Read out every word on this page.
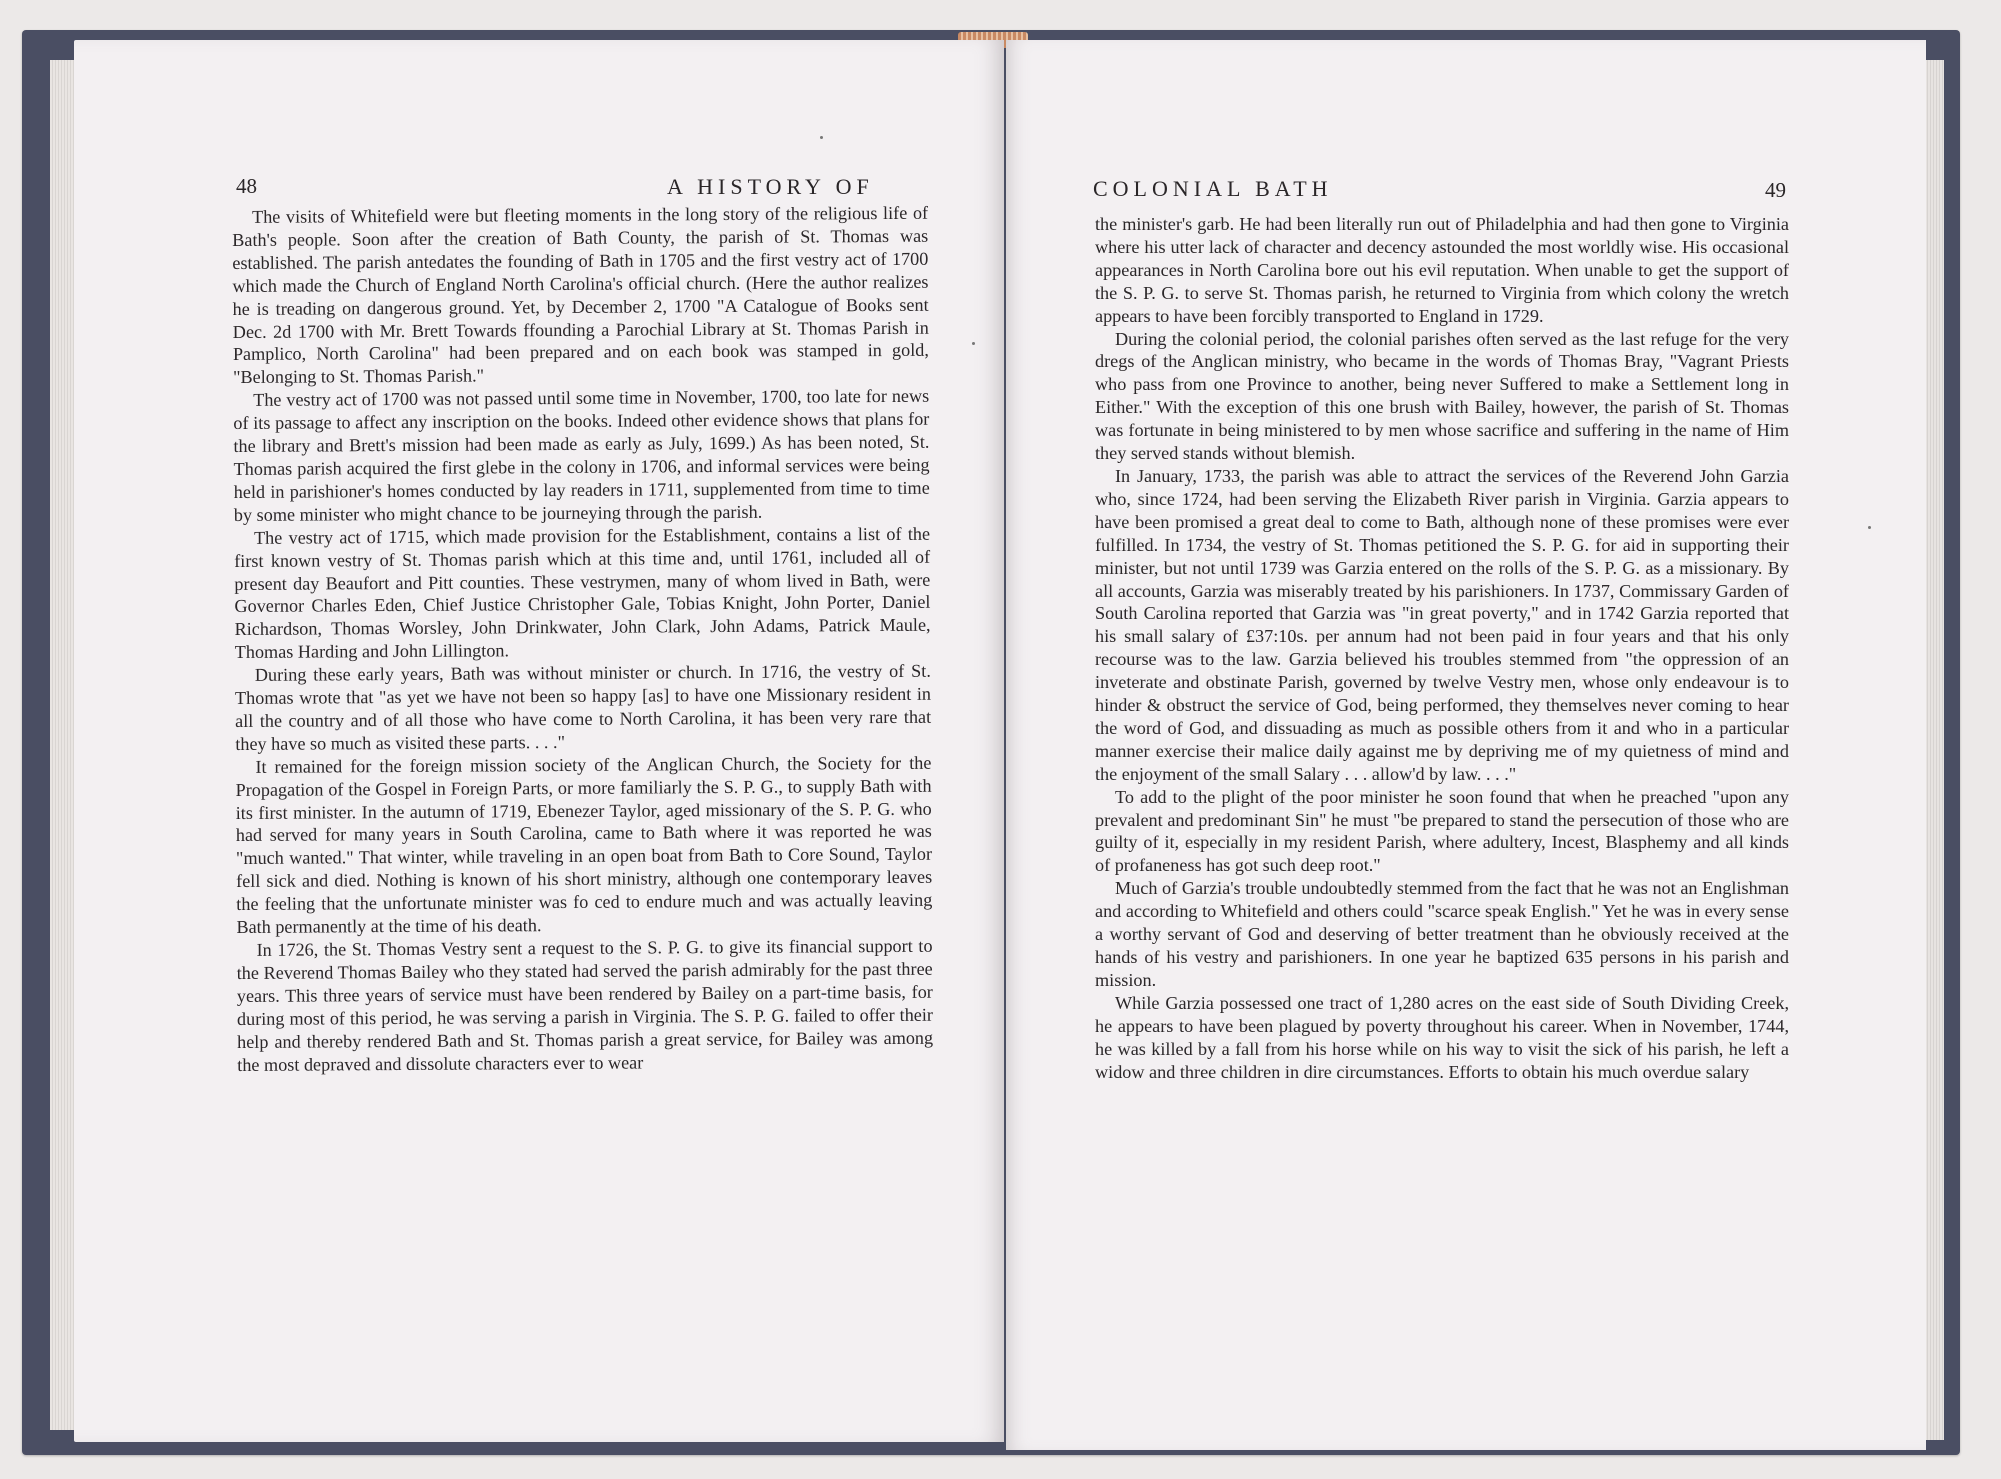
48	A HISTORY OF	COLONIAL BATH	49

The visits of Whitefield were but fleeting moments in the long story of the religious life of Bath's people. Soon after the creation of Bath County, the parish of St. Thomas was established. The parish antedates the founding of Bath in 1705 and the first vestry act of 1700 which made the Church of England North Carolina's official church. (Here the author realizes he is treading on dangerous ground. Yet, by December 2, 1700 "A Catalogue of Books sent Dec. 2d 1700 with Mr. Brett Towards ffounding a Parochial Library at St. Thomas Parish in Pamplico, North Carolina" had been prepared and on each book was stamped in gold, "Belonging to St. Thomas Parish."

The vestry act of 1700 was not passed until some time in November, 1700, too late for news of its passage to affect any inscription on the books. Indeed other evidence shows that plans for the library and Brett's mission had been made as early as July, 1699.) As has been noted, St. Thomas parish acquired the first glebe in the colony in 1706, and informal services were being held in parishioner's homes conducted by lay readers in 1711, supplemented from time to time by some minister who might chance to be journeying through the parish.

The vestry act of 1715, which made provision for the Establishment, contains a list of the first known vestry of St. Thomas parish which at this time and, until 1761, included all of present day Beaufort and Pitt counties. These vestrymen, many of whom lived in Bath, were Governor Charles Eden, Chief Justice Christopher Gale, Tobias Knight, John Porter, Daniel Richardson, Thomas Worsley, John Drinkwater, John Clark, John Adams, Patrick Maule, Thomas Harding and John Lillington.

During these early years, Bath was without minister or church. In 1716, the vestry of St. Thomas wrote that "as yet we have not been so happy [as] to have one Missionary resident in all the country and of all those who have come to North Carolina, it has been very rare that they have so much as visited these parts. . . ."

It remained for the foreign mission society of the Anglican Church, the Society for the Propagation of the Gospel in Foreign Parts, or more familiarly the S. P. G., to supply Bath with its first minister. In the autumn of 1719, Ebenezer Taylor, aged missionary of the S. P. G. who had served for many years in South Carolina, came to Bath where it was reported he was "much wanted." That winter, while traveling in an open boat from Bath to Core Sound, Taylor fell sick and died. Nothing is known of his short ministry, although one contemporary leaves the feeling that the unfortunate minister was fo ced to endure much and was actually leaving Bath permanently at the time of his death.

In 1726, the St. Thomas Vestry sent a request to the S. P. G. to give its financial support to the Reverend Thomas Bailey who they stated had served the parish admirably for the past three years. This three years of service must have been rendered by Bailey on a part-time basis, for during most of this period, he was serving a parish in Virginia. The S. P. G. failed to offer their help and thereby rendered Bath and St. Thomas parish a great service, for Bailey was among the most depraved and dissolute characters ever to wear

the minister's garb. He had been literally run out of Philadelphia and had then gone to Virginia where his utter lack of character and decency astounded the most worldly wise. His occasional appearances in North Carolina bore out his evil reputation. When unable to get the support of the S. P. G. to serve St. Thomas parish, he returned to Virginia from which colony the wretch appears to have been forcibly transported to England in 1729.

During the colonial period, the colonial parishes often served as the last refuge for the very dregs of the Anglican ministry, who became in the words of Thomas Bray, "Vagrant Priests who pass from one Province to another, being never Suffered to make a Settlement long in Either." With the exception of this one brush with Bailey, however, the parish of St. Thomas was fortunate in being ministered to by men whose sacrifice and suffering in the name of Him they served stands without blemish.

In January, 1733, the parish was able to attract the services of the Reverend John Garzia who, since 1724, had been serving the Elizabeth River parish in Virginia. Garzia appears to have been promised a great deal to come to Bath, although none of these promises were ever fulfilled. In 1734, the vestry of St. Thomas petitioned the S. P. G. for aid in supporting their minister, but not until 1739 was Garzia entered on the rolls of the S. P. G. as a missionary. By all accounts, Garzia was miserably treated by his parishioners. In 1737, Commissary Garden of South Carolina reported that Garzia was "in great poverty," and in 1742 Garzia reported that his small salary of £37:10s. per annum had not been paid in four years and that his only recourse was to the law. Garzia believed his troubles stemmed from "the oppression of an inveterate and obstinate Parish, governed by twelve Vestry men, whose only endeavour is to hinder & obstruct the service of God, being performed, they themselves never coming to hear the word of God, and dissuading as much as possible others from it and who in a particular manner exercise their malice daily against me by depriving me of my quietness of mind and the enjoyment of the small Salary . . . allow'd by law. . . ."

To add to the plight of the poor minister he soon found that when he preached "upon any prevalent and predominant Sin" he must "be prepared to stand the persecution of those who are guilty of it, especially in my resident Parish, where adultery, Incest, Blasphemy and all kinds of profaneness has got such deep root."

Much of Garzia's trouble undoubtedly stemmed from the fact that he was not an Englishman and according to Whitefield and others could "scarce speak English." Yet he was in every sense a worthy servant of God and deserving of better treatment than he obviously received at the hands of his vestry and parishioners. In one year he baptized 635 persons in his parish and mission.

While Garzia possessed one tract of 1,280 acres on the east side of South Dividing Creek, he appears to have been plagued by poverty throughout his career. When in November, 1744, he was killed by a fall from his horse while on his way to visit the sick of his parish, he left a widow and three children in dire circumstances. Efforts to obtain his much overdue salary
